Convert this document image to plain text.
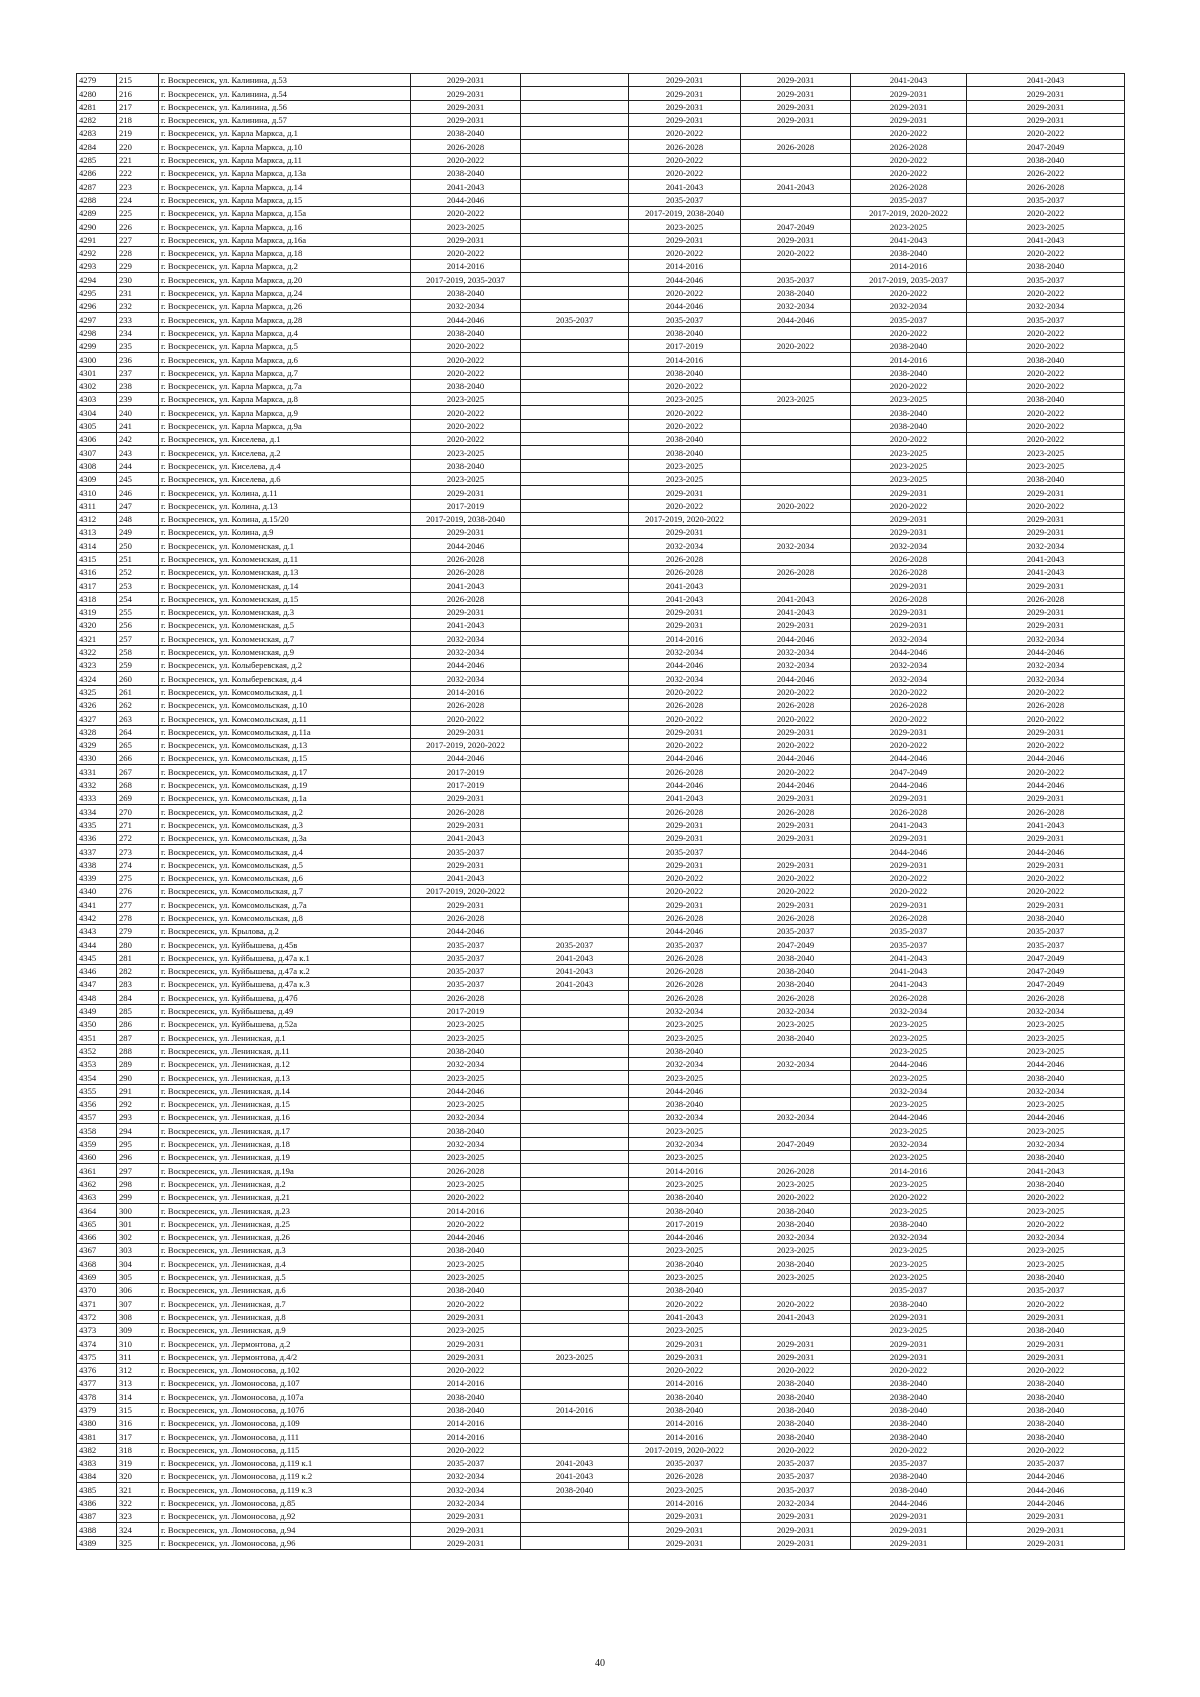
4279	215	г. Воскресенск, ул. Калинина, д.53	2029-2031		2029-2031	2029-2031	2041-2043	2041-2043
4280	216	г. Воскресенск, ул. Калинина, д.54	2029-2031		2029-2031	2029-2031	2029-2031	2029-2031
4281	217	г. Воскресенск, ул. Калинина, д.56	2029-2031		2029-2031	2029-2031	2029-2031	2029-2031
4282	218	г. Воскресенск, ул. Калинина, д.57	2029-2031		2029-2031	2029-2031	2029-2031	2029-2031
4283	219	г. Воскресенск, ул. Карла Маркса, д.1	2038-2040		2020-2022		2020-2022	2020-2022
4284	220	г. Воскресенск, ул. Карла Маркса, д.10	2026-2028		2026-2028	2026-2028	2026-2028	2047-2049
4285	221	г. Воскресенск, ул. Карла Маркса, д.11	2020-2022		2020-2022		2020-2022	2038-2040
4286	222	г. Воскресенск, ул. Карла Маркса, д.13а	2038-2040		2020-2022		2020-2022	2026-2022
4287	223	г. Воскресенск, ул. Карла Маркса, д.14	2041-2043		2041-2043	2041-2043	2026-2028	2026-2028
4288	224	г. Воскресенск, ул. Карла Маркса, д.15	2044-2046		2035-2037		2035-2037	2035-2037
4289	225	г. Воскресенск, ул. Карла Маркса, д.15а	2020-2022		2017-2019, 2038-2040		2017-2019, 2020-2022	2020-2022
4290	226	г. Воскресенск, ул. Карла Маркса, д.16	2023-2025		2023-2025	2047-2049	2023-2025	2023-2025
4291	227	г. Воскресенск, ул. Карла Маркса, д.16а	2029-2031		2029-2031	2029-2031	2041-2043	2041-2043
4292	228	г. Воскресенск, ул. Карла Маркса, д.18	2020-2022		2020-2022	2020-2022	2038-2040	2020-2022
4293	229	г. Воскресенск, ул. Карла Маркса, д.2	2014-2016		2014-2016		2014-2016	2038-2040
4294	230	г. Воскресенск, ул. Карла Маркса, д.20	2017-2019, 2035-2037		2044-2046	2035-2037	2017-2019, 2035-2037	2035-2037
4295	231	г. Воскресенск, ул. Карла Маркса, д.24	2038-2040		2020-2022	2038-2040	2020-2022	2020-2022
4296	232	г. Воскресенск, ул. Карла Маркса, д.26	2032-2034		2044-2046	2032-2034	2032-2034	2032-2034
4297	233	г. Воскресенск, ул. Карла Маркса, д.28	2044-2046	2035-2037	2035-2037	2044-2046	2035-2037	2035-2037
4298	234	г. Воскресенск, ул. Карла Маркса, д.4	2038-2040		2038-2040		2020-2022	2020-2022
4299	235	г. Воскресенск, ул. Карла Маркса, д.5	2020-2022		2017-2019	2020-2022	2038-2040	2020-2022
4300	236	г. Воскресенск, ул. Карла Маркса, д.6	2020-2022		2014-2016		2014-2016	2038-2040
4301	237	г. Воскресенск, ул. Карла Маркса, д.7	2020-2022		2038-2040		2038-2040	2020-2022
4302	238	г. Воскресенск, ул. Карла Маркса, д.7а	2038-2040		2020-2022		2020-2022	2020-2022
4303	239	г. Воскресенск, ул. Карла Маркса, д.8	2023-2025		2023-2025	2023-2025	2023-2025	2038-2040
4304	240	г. Воскресенск, ул. Карла Маркса, д.9	2020-2022		2020-2022		2038-2040	2020-2022
4305	241	г. Воскресенск, ул. Карла Маркса, д.9а	2020-2022		2020-2022		2038-2040	2020-2022
4306	242	г. Воскресенск, ул. Киселева, д.1	2020-2022		2038-2040		2020-2022	2020-2022
4307	243	г. Воскресенск, ул. Киселева, д.2	2023-2025		2038-2040		2023-2025	2023-2025
4308	244	г. Воскресенск, ул. Киселева, д.4	2038-2040		2023-2025		2023-2025	2023-2025
4309	245	г. Воскресенск, ул. Киселева, д.6	2023-2025		2023-2025		2023-2025	2038-2040
4310	246	г. Воскресенск, ул. Колина, д.11	2029-2031		2029-2031		2029-2031	2029-2031
4311	247	г. Воскресенск, ул. Колина, д.13	2017-2019		2020-2022	2020-2022	2020-2022	2020-2022
4312	248	г. Воскресенск, ул. Колина, д.15/20	2017-2019, 2038-2040		2017-2019, 2020-2022		2029-2031	2029-2031
4313	249	г. Воскресенск, ул. Колина, д.9	2029-2031		2029-2031		2029-2031	2029-2031
4314	250	г. Воскресенск, ул. Коломенская, д.1	2044-2046		2032-2034	2032-2034	2032-2034	2032-2034
4315	251	г. Воскресенск, ул. Коломенская, д.11	2026-2028		2026-2028		2026-2028	2041-2043
4316	252	г. Воскресенск, ул. Коломенская, д.13	2026-2028		2026-2028	2026-2028	2026-2028	2041-2043
4317	253	г. Воскресенск, ул. Коломенская, д.14	2041-2043		2041-2043		2029-2031	2029-2031
4318	254	г. Воскресенск, ул. Коломенская, д.15	2026-2028		2041-2043	2041-2043	2026-2028	2026-2028
4319	255	г. Воскресенск, ул. Коломенская, д.3	2029-2031		2029-2031	2041-2043	2029-2031	2029-2031
4320	256	г. Воскресенск, ул. Коломенская, д.5	2041-2043		2029-2031	2029-2031	2029-2031	2029-2031
4321	257	г. Воскресенск, ул. Коломенская, д.7	2032-2034		2014-2016	2044-2046	2032-2034	2032-2034
4322	258	г. Воскресенск, ул. Коломенская, д.9	2032-2034		2032-2034	2032-2034	2044-2046	2044-2046
4323	259	г. Воскресенск, ул. Колыберевская, д.2	2044-2046		2044-2046	2032-2034	2032-2034	2032-2034
4324	260	г. Воскресенск, ул. Колыберевская, д.4	2032-2034		2032-2034	2044-2046	2032-2034	2032-2034
4325	261	г. Воскресенск, ул. Комсомольская, д.1	2014-2016		2020-2022	2020-2022	2020-2022	2020-2022
4326	262	г. Воскресенск, ул. Комсомольская, д.10	2026-2028		2026-2028	2026-2028	2026-2028	2026-2028
4327	263	г. Воскресенск, ул. Комсомольская, д.11	2020-2022		2020-2022	2020-2022	2020-2022	2020-2022
4328	264	г. Воскресенск, ул. Комсомольская, д.11а	2029-2031		2029-2031	2029-2031	2029-2031	2029-2031
4329	265	г. Воскресенск, ул. Комсомольская, д.13	2017-2019, 2020-2022		2020-2022	2020-2022	2020-2022	2020-2022
4330	266	г. Воскресенск, ул. Комсомольская, д.15	2044-2046		2044-2046	2044-2046	2044-2046	2044-2046
4331	267	г. Воскресенск, ул. Комсомольская, д.17	2017-2019		2026-2028	2020-2022	2047-2049	2020-2022
4332	268	г. Воскресенск, ул. Комсомольская, д.19	2017-2019		2044-2046	2044-2046	2044-2046	2044-2046
4333	269	г. Воскресенск, ул. Комсомольская, д.1а	2029-2031		2041-2043	2029-2031	2029-2031	2029-2031
4334	270	г. Воскресенск, ул. Комсомольская, д.2	2026-2028		2026-2028	2026-2028	2026-2028	2026-2028
4335	271	г. Воскресенск, ул. Комсомольская, д.3	2029-2031		2029-2031	2029-2031	2041-2043	2041-2043
4336	272	г. Воскресенск, ул. Комсомольская, д.3а	2041-2043		2029-2031	2029-2031	2029-2031	2029-2031
4337	273	г. Воскресенск, ул. Комсомольская, д.4	2035-2037		2035-2037		2044-2046	2044-2046
4338	274	г. Воскресенск, ул. Комсомольская, д.5	2029-2031		2029-2031	2029-2031	2029-2031	2029-2031
4339	275	г. Воскресенск, ул. Комсомольская, д.6	2041-2043		2020-2022	2020-2022	2020-2022	2020-2022
4340	276	г. Воскресенск, ул. Комсомольская, д.7	2017-2019, 2020-2022		2020-2022	2020-2022	2020-2022	2020-2022
4341	277	г. Воскресенск, ул. Комсомольская, д.7а	2029-2031		2029-2031	2029-2031	2029-2031	2029-2031
4342	278	г. Воскресенск, ул. Комсомольская, д.8	2026-2028		2026-2028	2026-2028	2026-2028	2038-2040
4343	279	г. Воскресенск, ул. Крылова, д.2	2044-2046		2044-2046	2035-2037	2035-2037	2035-2037
4344	280	г. Воскресенск, ул. Куйбышева, д.45в	2035-2037	2035-2037	2035-2037	2047-2049	2035-2037	2035-2037
4345	281	г. Воскресенск, ул. Куйбышева, д.47а к.1	2035-2037	2041-2043	2026-2028	2038-2040	2041-2043	2047-2049
4346	282	г. Воскресенск, ул. Куйбышева, д.47а к.2	2035-2037	2041-2043	2026-2028	2038-2040	2041-2043	2047-2049
4347	283	г. Воскресенск, ул. Куйбышева, д.47а к.3	2035-2037	2041-2043	2026-2028	2038-2040	2041-2043	2047-2049
4348	284	г. Воскресенск, ул. Куйбышева, д.47б	2026-2028		2026-2028	2026-2028	2026-2028	2026-2028
4349	285	г. Воскресенск, ул. Куйбышева, д.49	2017-2019		2032-2034	2032-2034	2032-2034	2032-2034
4350	286	г. Воскресенск, ул. Куйбышева, д.52а	2023-2025		2023-2025	2023-2025	2023-2025	2023-2025
4351	287	г. Воскресенск, ул. Ленинская, д.1	2023-2025		2023-2025	2038-2040	2023-2025	2023-2025
4352	288	г. Воскресенск, ул. Ленинская, д.11	2038-2040		2038-2040		2023-2025	2023-2025
4353	289	г. Воскресенск, ул. Ленинская, д.12	2032-2034		2032-2034	2032-2034	2044-2046	2044-2046
4354	290	г. Воскресенск, ул. Ленинская, д.13	2023-2025		2023-2025		2023-2025	2038-2040
4355	291	г. Воскресенск, ул. Ленинская, д.14	2044-2046		2044-2046		2032-2034	2032-2034
4356	292	г. Воскресенск, ул. Ленинская, д.15	2023-2025		2038-2040		2023-2025	2023-2025
4357	293	г. Воскресенск, ул. Ленинская, д.16	2032-2034		2032-2034	2032-2034	2044-2046	2044-2046
4358	294	г. Воскресенск, ул. Ленинская, д.17	2038-2040		2023-2025		2023-2025	2023-2025
4359	295	г. Воскресенск, ул. Ленинская, д.18	2032-2034		2032-2034	2047-2049	2032-2034	2032-2034
4360	296	г. Воскресенск, ул. Ленинская, д.19	2023-2025		2023-2025		2023-2025	2038-2040
4361	297	г. Воскресенск, ул. Ленинская, д.19а	2026-2028		2014-2016	2026-2028	2014-2016	2041-2043
4362	298	г. Воскресенск, ул. Ленинская, д.2	2023-2025		2023-2025	2023-2025	2023-2025	2038-2040
4363	299	г. Воскресенск, ул. Ленинская, д.21	2020-2022		2038-2040	2020-2022	2020-2022	2020-2022
4364	300	г. Воскресенск, ул. Ленинская, д.23	2014-2016		2038-2040	2038-2040	2023-2025	2023-2025
4365	301	г. Воскресенск, ул. Ленинская, д.25	2020-2022		2017-2019	2038-2040	2038-2040	2020-2022
4366	302	г. Воскресенск, ул. Ленинская, д.26	2044-2046		2044-2046	2032-2034	2032-2034	2032-2034
4367	303	г. Воскресенск, ул. Ленинская, д.3	2038-2040		2023-2025	2023-2025	2023-2025	2023-2025
4368	304	г. Воскресенск, ул. Ленинская, д.4	2023-2025		2038-2040	2038-2040	2023-2025	2023-2025
4369	305	г. Воскресенск, ул. Ленинская, д.5	2023-2025		2023-2025	2023-2025	2023-2025	2038-2040
4370	306	г. Воскресенск, ул. Ленинская, д.6	2038-2040		2038-2040		2035-2037	2035-2037
4371	307	г. Воскресенск, ул. Ленинская, д.7	2020-2022		2020-2022	2020-2022	2038-2040	2020-2022
4372	308	г. Воскресенск, ул. Ленинская, д.8	2029-2031		2041-2043	2041-2043	2029-2031	2029-2031
4373	309	г. Воскресенск, ул. Ленинская, д.9	2023-2025		2023-2025		2023-2025	2038-2040
4374	310	г. Воскресенск, ул. Лермонтова, д.2	2029-2031		2029-2031	2029-2031	2029-2031	2029-2031
4375	311	г. Воскресенск, ул. Лермонтова, д.4/2	2029-2031	2023-2025	2029-2031	2029-2031	2029-2031	2029-2031
4376	312	г. Воскресенск, ул. Ломоносова, д.102	2020-2022		2020-2022	2020-2022	2020-2022	2020-2022
4377	313	г. Воскресенск, ул. Ломоносова, д.107	2014-2016		2014-2016	2038-2040	2038-2040	2038-2040
4378	314	г. Воскресенск, ул. Ломоносова, д.107а	2038-2040		2038-2040	2038-2040	2038-2040	2038-2040
4379	315	г. Воскресенск, ул. Ломоносова, д.107б	2038-2040	2014-2016	2038-2040	2038-2040	2038-2040	2038-2040
4380	316	г. Воскресенск, ул. Ломоносова, д.109	2014-2016		2014-2016	2038-2040	2038-2040	2038-2040
4381	317	г. Воскресенск, ул. Ломоносова, д.111	2014-2016		2014-2016	2038-2040	2038-2040	2038-2040
4382	318	г. Воскресенск, ул. Ломоносова, д.115	2020-2022		2017-2019, 2020-2022	2020-2022	2020-2022	2020-2022
4383	319	г. Воскресенск, ул. Ломоносова, д.119 к.1	2035-2037	2041-2043	2035-2037	2035-2037	2035-2037	2035-2037
4384	320	г. Воскресенск, ул. Ломоносова, д.119 к.2	2032-2034	2041-2043	2026-2028	2035-2037	2038-2040	2044-2046
4385	321	г. Воскресенск, ул. Ломоносова, д.119 к.3	2032-2034	2038-2040	2023-2025	2035-2037	2038-2040	2044-2046
4386	322	г. Воскресенск, ул. Ломоносова, д.85	2032-2034		2014-2016	2032-2034	2044-2046	2044-2046
4387	323	г. Воскресенск, ул. Ломоносова, д.92	2029-2031		2029-2031	2029-2031	2029-2031	2029-2031
4388	324	г. Воскресенск, ул. Ломоносова, д.94	2029-2031		2029-2031	2029-2031	2029-2031	2029-2031
4389	325	г. Воскресенск, ул. Ломоносова, д.96	2029-2031		2029-2031	2029-2031	2029-2031	2029-2031
40
